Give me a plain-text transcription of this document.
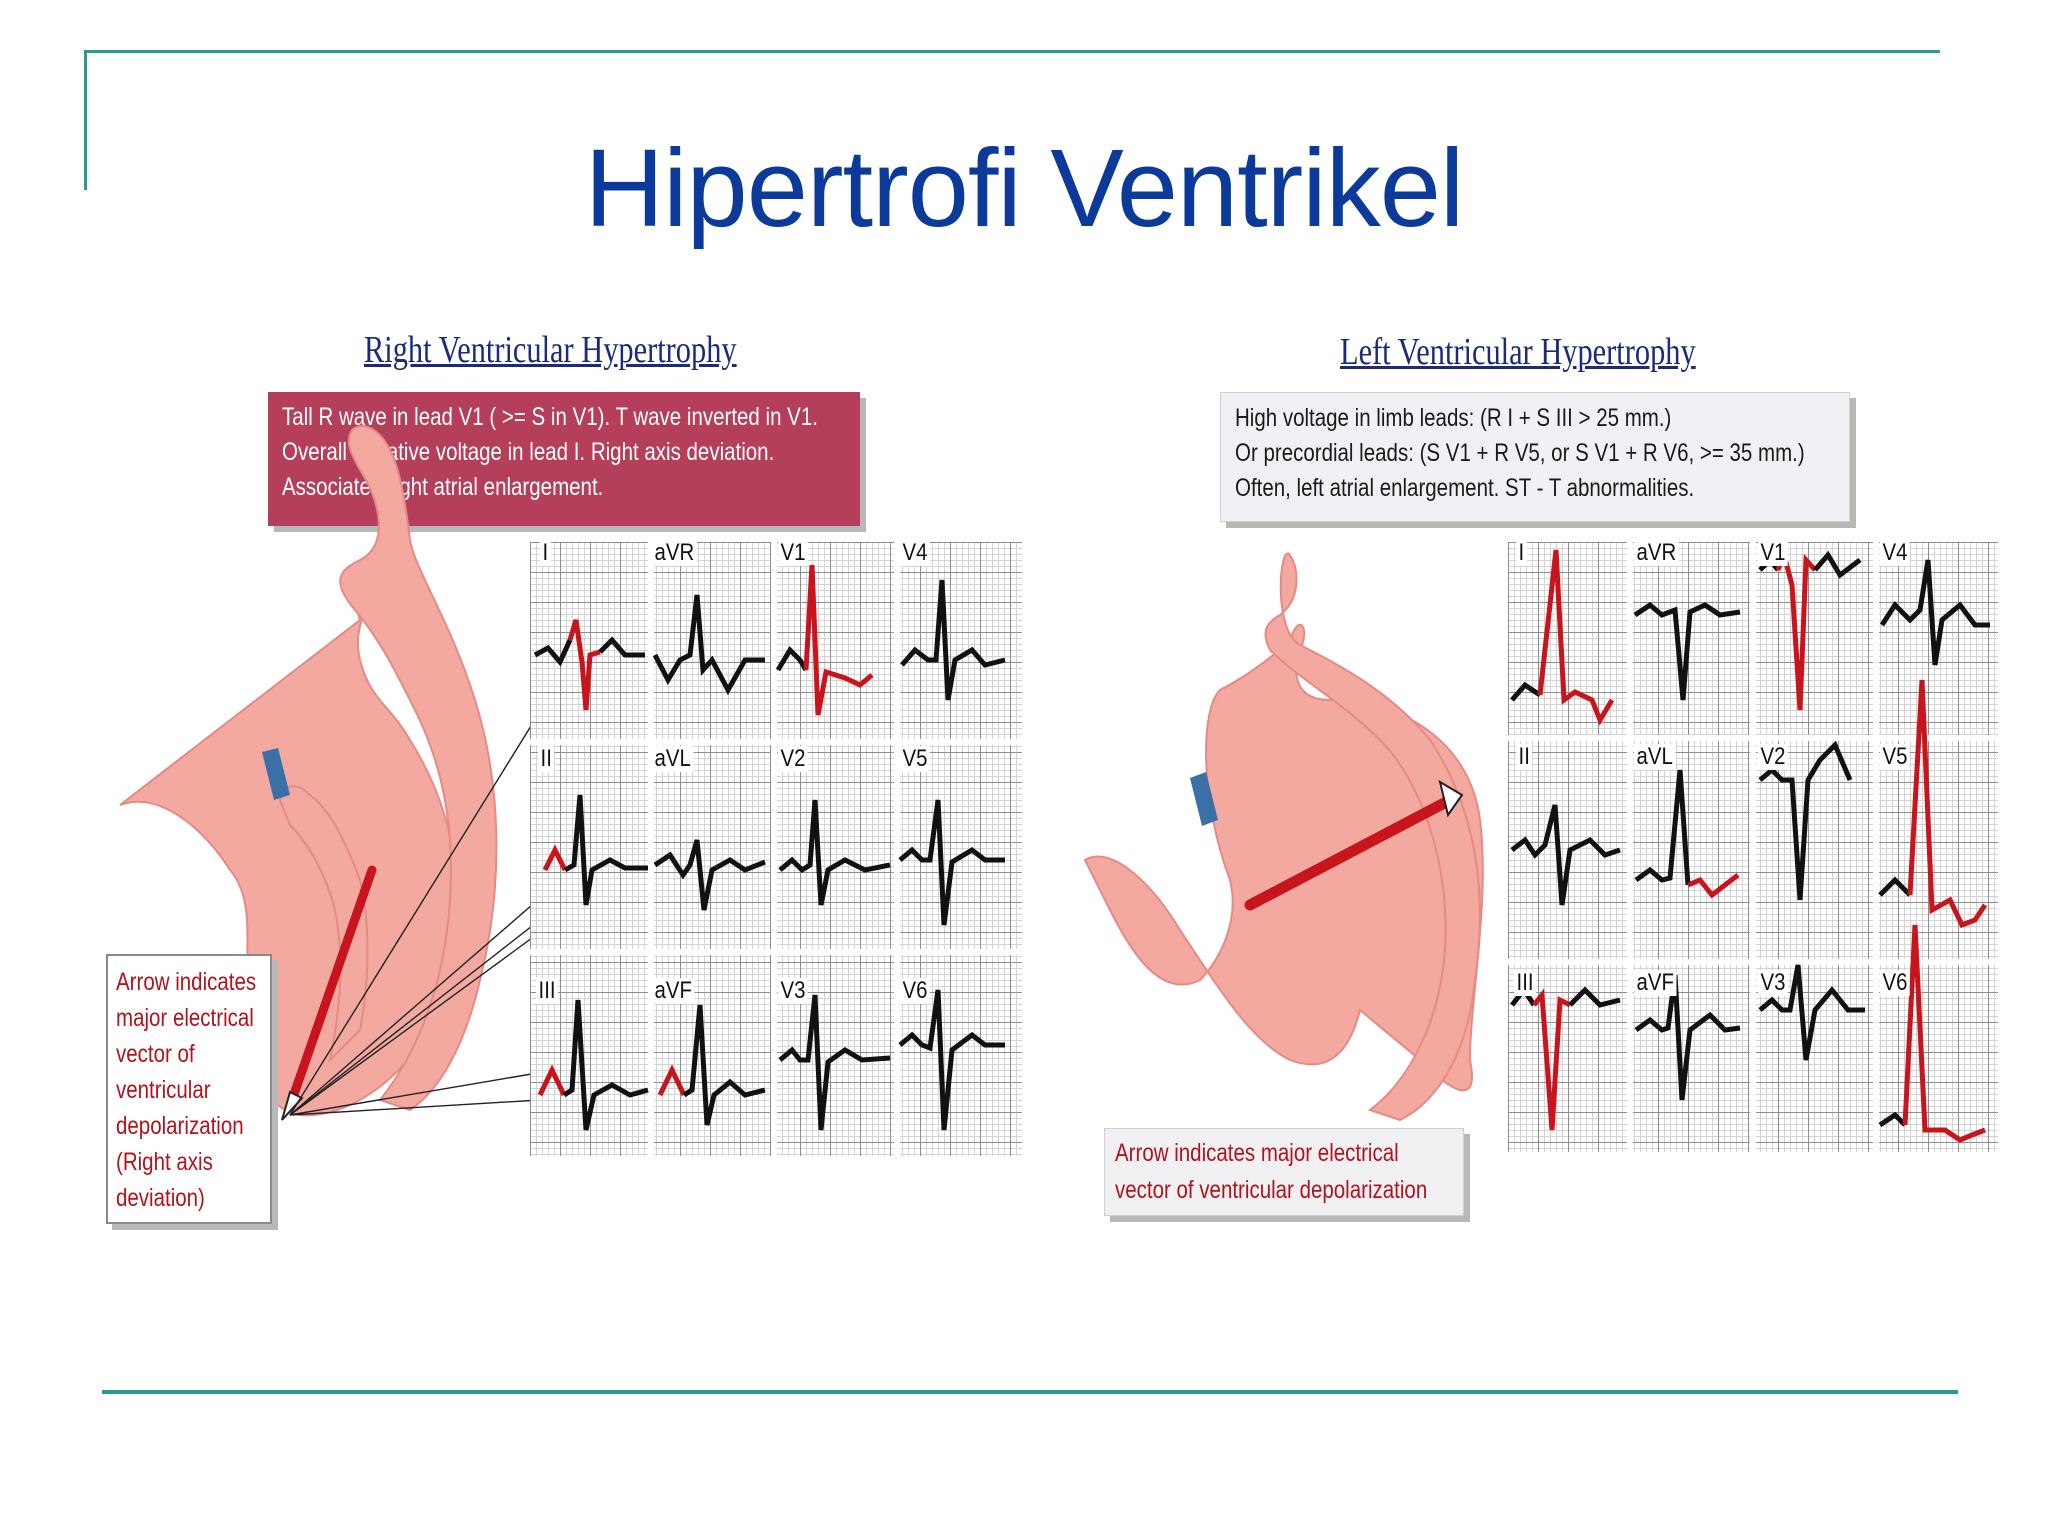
Hipertrofi Ventrikel
Right Ventricular Hypertrophy
Tall R wave in lead V1 ( >= S in V1). T wave inverted in V1.
Overall negative voltage in lead I. Right axis deviation.
Associated right atrial enlargement.
I	aVR	V1	V4
II	aVL	V2	V5
III	aVF	V3	V6
Arrow indicates
major electrical
vector of
ventricular
depolarization
(Right axis
deviation)
Left Ventricular Hypertrophy
High voltage in limb leads: (R I + S III > 25 mm.)
Or precordial leads: (S V1 + R V5, or S V1 + R V6, >= 35 mm.)
Often, left atrial enlargement. ST - T abnormalities.
I	aVR	V1	V4
II	aVL	V2	V5
III	aVF	V3	V6
Arrow indicates major electrical
vector of ventricular depolarization
